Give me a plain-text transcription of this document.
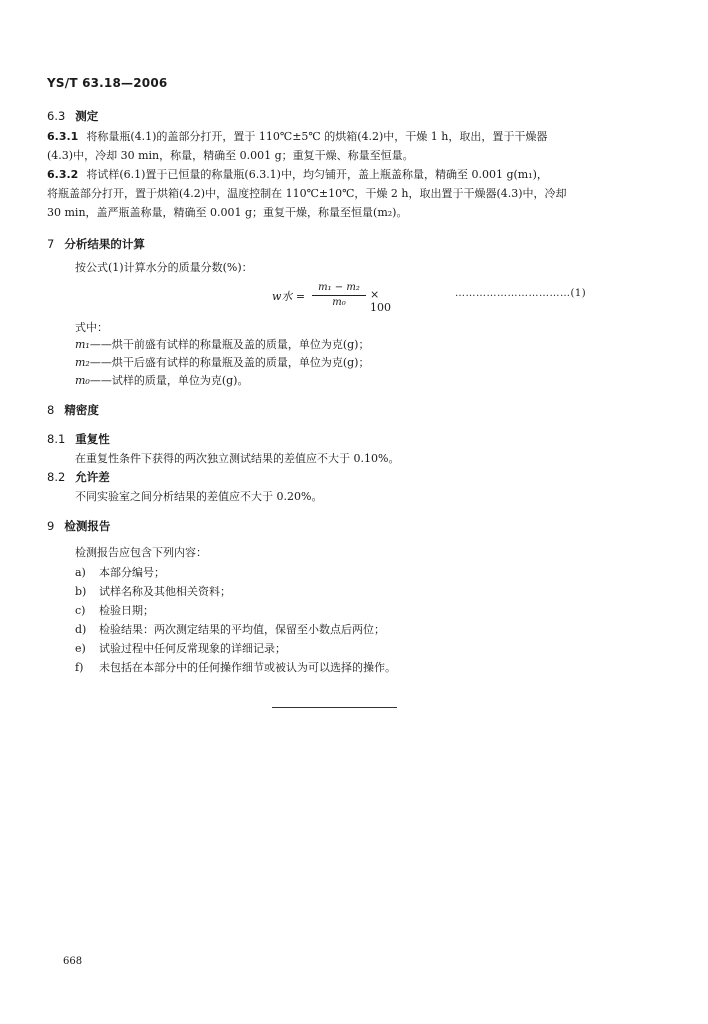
YS/T 63.18—2006
6.3 测定
6.3.1 将称量瓶(4.1)的盖部分打开，置于 110℃±5℃ 的烘箱(4.2)中，干燥 1 h，取出，置于干燥器
(4.3)中，冷却 30 min，称量，精确至 0.001 g；重复干燥、称量至恒量。
6.3.2 将试样(6.1)置于已恒量的称量瓶(6.3.1)中，均匀铺开，盖上瓶盖称量，精确至 0.001 g(m₁)，
将瓶盖部分打开，置于烘箱(4.2)中，温度控制在 110℃±10℃，干燥 2 h，取出置于干燥器(4.3)中，冷却
30 min，盖严瓶盖称量，精确至 0.001 g；重复干燥，称量至恒量(m₂)。
7 分析结果的计算
按公式(1)计算水分的质量分数(%)：
w水 =
m₁ − m₂
m₀
× 100
……………………………(1)
式中：
m₁——烘干前盛有试样的称量瓶及盖的质量，单位为克(g)；
m₂——烘干后盛有试样的称量瓶及盖的质量，单位为克(g)；
m₀——试样的质量，单位为克(g)。
8 精密度
8.1 重复性
在重复性条件下获得的两次独立测试结果的差值应不大于 0.10%。
8.2 允许差
不同实验室之间分析结果的差值应不大于 0.20%。
9 检测报告
检测报告应包含下列内容：
a) 本部分编号；
b) 试样名称及其他相关资料；
c) 检验日期；
d) 检验结果：两次测定结果的平均值，保留至小数点后两位；
e) 试验过程中任何反常现象的详细记录；
f) 未包括在本部分中的任何操作细节或被认为可以选择的操作。
668
